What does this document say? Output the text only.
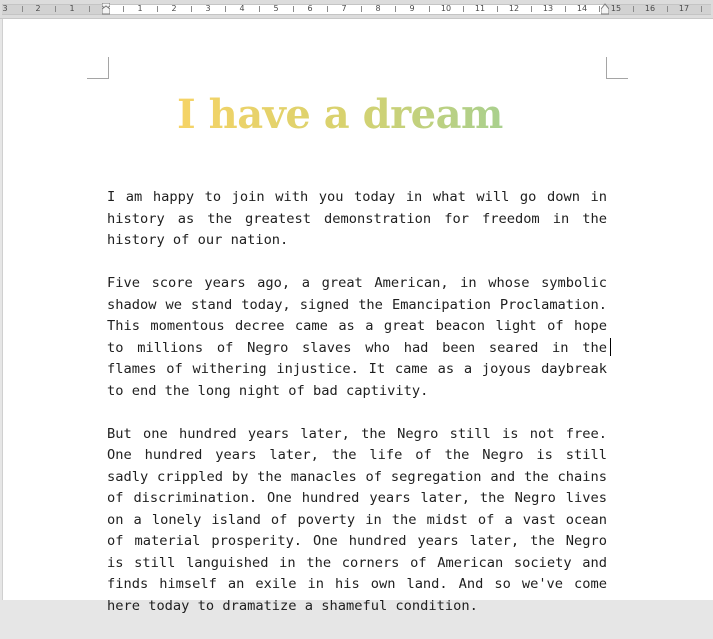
3	2	1	1	2	3	4	5	6	7	8	9	10	11	12	13	14	15	16	17
I have a dream

I am happy to join with you today in what will go down in history as the greatest demonstration for freedom in the history of our nation.

Five score years ago, a great American, in whose symbolic shadow we stand today, signed the Emancipation Proclamation. This momentous decree came as a great beacon light of hope to millions of Negro slaves who had been seared in the flames of withering injustice. It came as a joyous daybreak to end the long night of bad captivity.

But one hundred years later, the Negro still is not free. One hundred years later, the life of the Negro is still sadly crippled by the manacles of segregation and the chains of discrimination. One hundred years later, the Negro lives on a lonely island of poverty in the midst of a vast ocean of material prosperity. One hundred years later, the Negro is still languished in the corners of American society and finds himself an exile in his own land. And so we've come here today to dramatize a shameful condition.
